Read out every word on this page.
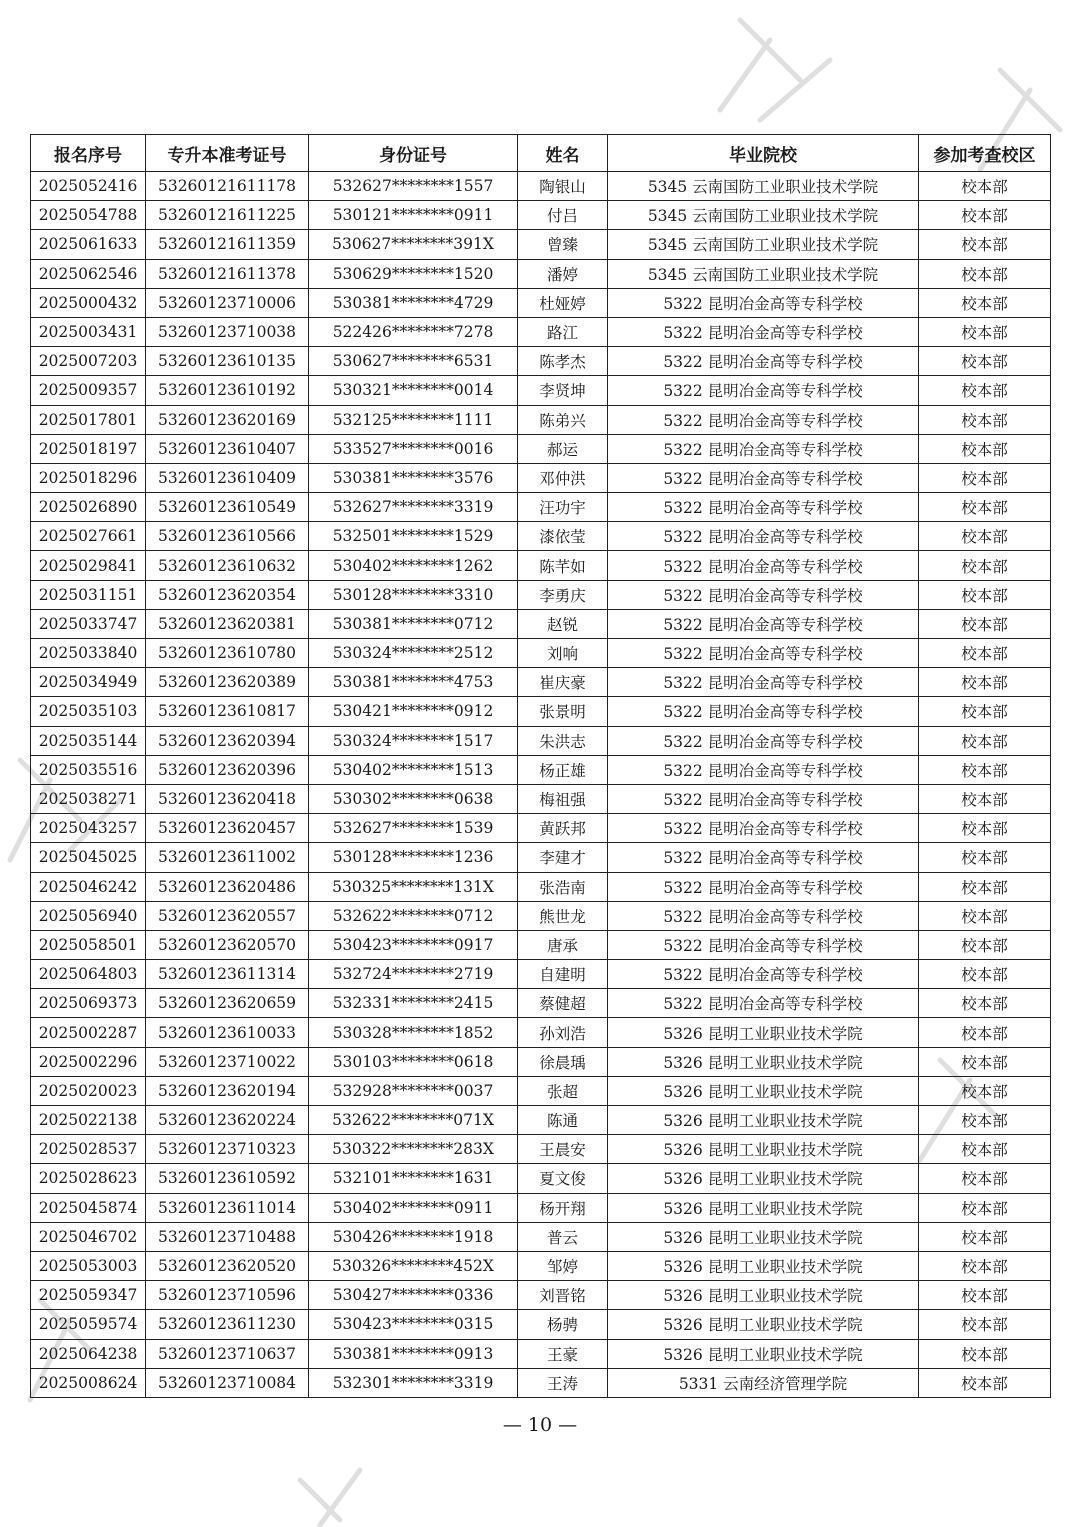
报名序号	专升本准考证号	身份证号	姓名	毕业院校	参加考查校区
2025052416	53260121611178	532627********1557	陶银山	5345 云南国防工业职业技术学院	校本部
2025054788	53260121611225	530121********0911	付吕	5345 云南国防工业职业技术学院	校本部
2025061633	53260121611359	530627********391X	曾臻	5345 云南国防工业职业技术学院	校本部
2025062546	53260121611378	530629********1520	潘婷	5345 云南国防工业职业技术学院	校本部
2025000432	53260123710006	530381********4729	杜娅婷	5322 昆明冶金高等专科学校	校本部
2025003431	53260123710038	522426********7278	路江	5322 昆明冶金高等专科学校	校本部
2025007203	53260123610135	530627********6531	陈孝杰	5322 昆明冶金高等专科学校	校本部
2025009357	53260123610192	530321********0014	李贤坤	5322 昆明冶金高等专科学校	校本部
2025017801	53260123620169	532125********1111	陈弟兴	5322 昆明冶金高等专科学校	校本部
2025018197	53260123610407	533527********0016	郝运	5322 昆明冶金高等专科学校	校本部
2025018296	53260123610409	530381********3576	邓仲洪	5322 昆明冶金高等专科学校	校本部
2025026890	53260123610549	532627********3319	汪功宇	5322 昆明冶金高等专科学校	校本部
2025027661	53260123610566	532501********1529	漆依莹	5322 昆明冶金高等专科学校	校本部
2025029841	53260123610632	530402********1262	陈芊如	5322 昆明冶金高等专科学校	校本部
2025031151	53260123620354	530128********3310	李勇庆	5322 昆明冶金高等专科学校	校本部
2025033747	53260123620381	530381********0712	赵锐	5322 昆明冶金高等专科学校	校本部
2025033840	53260123610780	530324********2512	刘响	5322 昆明冶金高等专科学校	校本部
2025034949	53260123620389	530381********4753	崔庆豪	5322 昆明冶金高等专科学校	校本部
2025035103	53260123610817	530421********0912	张景明	5322 昆明冶金高等专科学校	校本部
2025035144	53260123620394	530324********1517	朱洪志	5322 昆明冶金高等专科学校	校本部
2025035516	53260123620396	530402********1513	杨正雄	5322 昆明冶金高等专科学校	校本部
2025038271	53260123620418	530302********0638	梅祖强	5322 昆明冶金高等专科学校	校本部
2025043257	53260123620457	532627********1539	黄跃邦	5322 昆明冶金高等专科学校	校本部
2025045025	53260123611002	530128********1236	李建才	5322 昆明冶金高等专科学校	校本部
2025046242	53260123620486	530325********131X	张浩南	5322 昆明冶金高等专科学校	校本部
2025056940	53260123620557	532622********0712	熊世龙	5322 昆明冶金高等专科学校	校本部
2025058501	53260123620570	530423********0917	唐承	5322 昆明冶金高等专科学校	校本部
2025064803	53260123611314	532724********2719	自建明	5322 昆明冶金高等专科学校	校本部
2025069373	53260123620659	532331********2415	蔡健超	5322 昆明冶金高等专科学校	校本部
2025002287	53260123610033	530328********1852	孙刘浩	5326 昆明工业职业技术学院	校本部
2025002296	53260123710022	530103********0618	徐晨瑀	5326 昆明工业职业技术学院	校本部
2025020023	53260123620194	532928********0037	张超	5326 昆明工业职业技术学院	校本部
2025022138	53260123620224	532622********071X	陈通	5326 昆明工业职业技术学院	校本部
2025028537	53260123710323	530322********283X	王晨安	5326 昆明工业职业技术学院	校本部
2025028623	53260123610592	532101********1631	夏文俊	5326 昆明工业职业技术学院	校本部
2025045874	53260123611014	530402********0911	杨开翔	5326 昆明工业职业技术学院	校本部
2025046702	53260123710488	530426********1918	普云	5326 昆明工业职业技术学院	校本部
2025053003	53260123620520	530326********452X	邹婷	5326 昆明工业职业技术学院	校本部
2025059347	53260123710596	530427********0336	刘晋铭	5326 昆明工业职业技术学院	校本部
2025059574	53260123611230	530423********0315	杨骋	5326 昆明工业职业技术学院	校本部
2025064238	53260123710637	530381********0913	王豪	5326 昆明工业职业技术学院	校本部
2025008624	53260123710084	532301********3319	王涛	5331 云南经济管理学院	校本部
— 10 —
